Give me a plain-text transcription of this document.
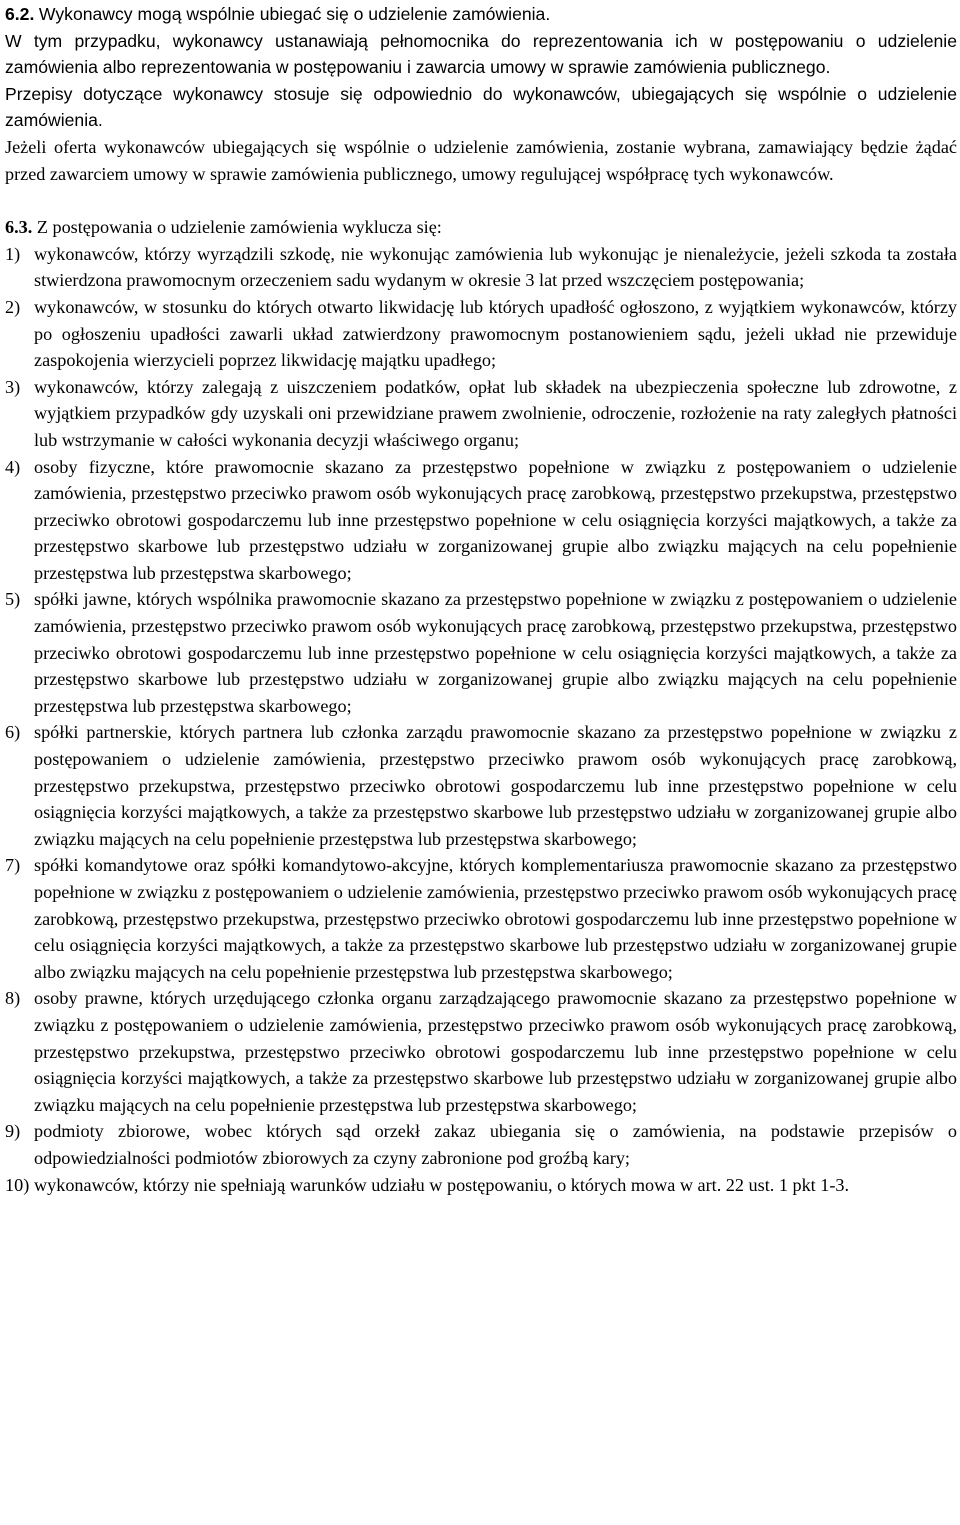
6.2. Wykonawcy mogą wspólnie ubiegać się o udzielenie zamówienia.

W tym przypadku, wykonawcy ustanawiają pełnomocnika do reprezentowania ich w postępowaniu o udzielenie zamówienia albo reprezentowania w postępowaniu i zawarcia umowy w sprawie zamówienia publicznego.

Przepisy dotyczące wykonawcy stosuje się odpowiednio do wykonawców, ubiegających się wspólnie o udzielenie zamówienia.

Jeżeli oferta wykonawców ubiegających się wspólnie o udzielenie zamówienia, zostanie wybrana, zamawiający będzie żądać przed zawarciem umowy w sprawie zamówienia publicznego, umowy regulującej współpracę tych wykonawców.

6.3. Z postępowania o udzielenie zamówienia wyklucza się:

1) wykonawców, którzy wyrządzili szkodę, nie wykonując zamówienia lub wykonując je nienależycie, jeżeli szkoda ta została stwierdzona prawomocnym orzeczeniem sadu wydanym w okresie 3 lat przed wszczęciem postępowania;
2) wykonawców, w stosunku do których otwarto likwidację lub których upadłość ogłoszono, z wyjątkiem wykonawców, którzy po ogłoszeniu upadłości zawarli układ zatwierdzony prawomocnym postanowieniem sądu, jeżeli układ nie przewiduje zaspokojenia wierzycieli poprzez likwidację majątku upadłego;
3) wykonawców, którzy zalegają z uiszczeniem podatków, opłat lub składek na ubezpieczenia społeczne lub zdrowotne, z wyjątkiem przypadków gdy uzyskali oni przewidziane prawem zwolnienie, odroczenie, rozłożenie na raty zaległych płatności lub wstrzymanie w całości wykonania decyzji właściwego organu;
4) osoby fizyczne, które prawomocnie skazano za przestępstwo popełnione w związku z postępowaniem o udzielenie zamówienia, przestępstwo przeciwko prawom osób wykonujących pracę zarobkową, przestępstwo przekupstwa, przestępstwo przeciwko obrotowi gospodarczemu lub inne przestępstwo popełnione w celu osiągnięcia korzyści majątkowych, a także za przestępstwo skarbowe lub przestępstwo udziału w zorganizowanej grupie albo związku mających na celu popełnienie przestępstwa lub przestępstwa skarbowego;
5) spółki jawne, których wspólnika prawomocnie skazano za przestępstwo popełnione w związku z postępowaniem o udzielenie zamówienia, przestępstwo przeciwko prawom osób wykonujących pracę zarobkową, przestępstwo przekupstwa, przestępstwo przeciwko obrotowi gospodarczemu lub inne przestępstwo popełnione w celu osiągnięcia korzyści majątkowych, a także za przestępstwo skarbowe lub przestępstwo udziału w zorganizowanej grupie albo związku mających na celu popełnienie przestępstwa lub przestępstwa skarbowego;
6) spółki partnerskie, których partnera lub członka zarządu prawomocnie skazano za przestępstwo popełnione w związku z postępowaniem o udzielenie zamówienia, przestępstwo przeciwko prawom osób wykonujących pracę zarobkową, przestępstwo przekupstwa, przestępstwo przeciwko obrotowi gospodarczemu lub inne przestępstwo popełnione w celu osiągnięcia korzyści majątkowych, a także za przestępstwo skarbowe lub przestępstwo udziału w zorganizowanej grupie albo związku mających na celu popełnienie przestępstwa lub przestępstwa skarbowego;
7) spółki komandytowe oraz spółki komandytowo-akcyjne, których komplementariusza prawomocnie skazano za przestępstwo popełnione w związku z postępowaniem o udzielenie zamówienia, przestępstwo przeciwko prawom osób wykonujących pracę zarobkową, przestępstwo przekupstwa, przestępstwo przeciwko obrotowi gospodarczemu lub inne przestępstwo popełnione w celu osiągnięcia korzyści majątkowych, a także za przestępstwo skarbowe lub przestępstwo udziału w zorganizowanej grupie albo związku mających na celu popełnienie przestępstwa lub przestępstwa skarbowego;
8) osoby prawne, których urzędującego członka organu zarządzającego prawomocnie skazano za przestępstwo popełnione w związku z postępowaniem o udzielenie zamówienia, przestępstwo przeciwko prawom osób wykonujących pracę zarobkową, przestępstwo przekupstwa, przestępstwo przeciwko obrotowi gospodarczemu lub inne przestępstwo popełnione w celu osiągnięcia korzyści majątkowych, a także za przestępstwo skarbowe lub przestępstwo udziału w zorganizowanej grupie albo związku mających na celu popełnienie przestępstwa lub przestępstwa skarbowego;
9) podmioty zbiorowe, wobec których sąd orzekł zakaz ubiegania się o zamówienia, na podstawie przepisów o odpowiedzialności podmiotów zbiorowych za czyny zabronione pod groźbą kary;
10) wykonawców, którzy nie spełniają warunków udziału w postępowaniu, o których mowa w art. 22 ust. 1 pkt 1-3.
